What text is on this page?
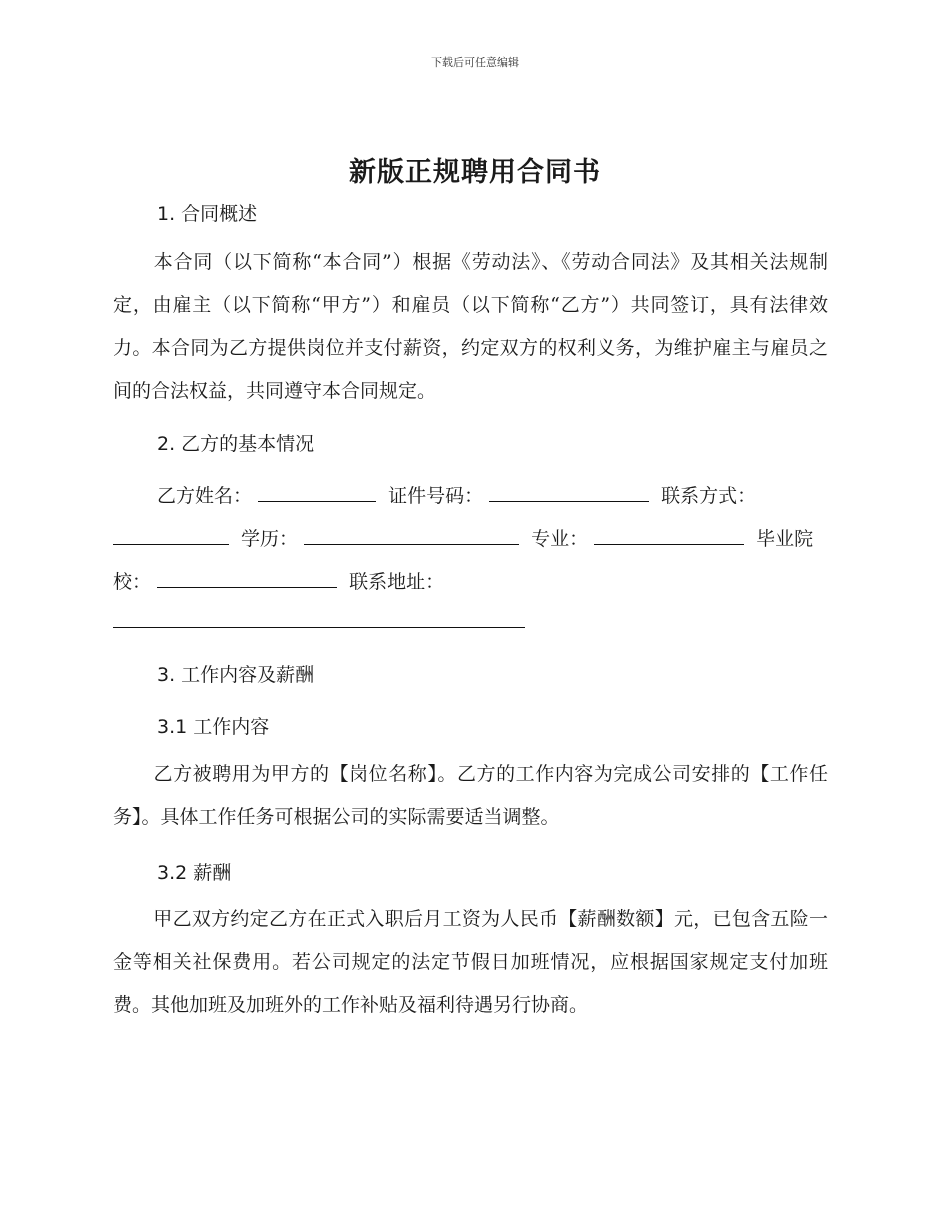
下载后可任意编辑
新版正规聘用合同书
1. 合同概述
本合同（以下简称“本合同”）根据《劳动法》、《劳动合同法》及其相关法规制定，由雇主（以下简称“甲方”）和雇员（以下简称“乙方”）共同签订，具有法律效力。本合同为乙方提供岗位并支付薪资，约定双方的权利义务，为维护雇主与雇员之间的合法权益，共同遵守本合同规定。
2. 乙方的基本情况
乙方姓名：	证件号码：	联系方式：
学历：	专业：	毕业院
校：	联系地址：
3. 工作内容及薪酬
3.1 工作内容
乙方被聘用为甲方的【岗位名称】。乙方的工作内容为完成公司安排的【工作任务】。具体工作任务可根据公司的实际需要适当调整。
3.2 薪酬
甲乙双方约定乙方在正式入职后月工资为人民币【薪酬数额】元，已包含五险一金等相关社保费用。若公司规定的法定节假日加班情况，应根据国家规定支付加班费。其他加班及加班外的工作补贴及福利待遇另行协商。
